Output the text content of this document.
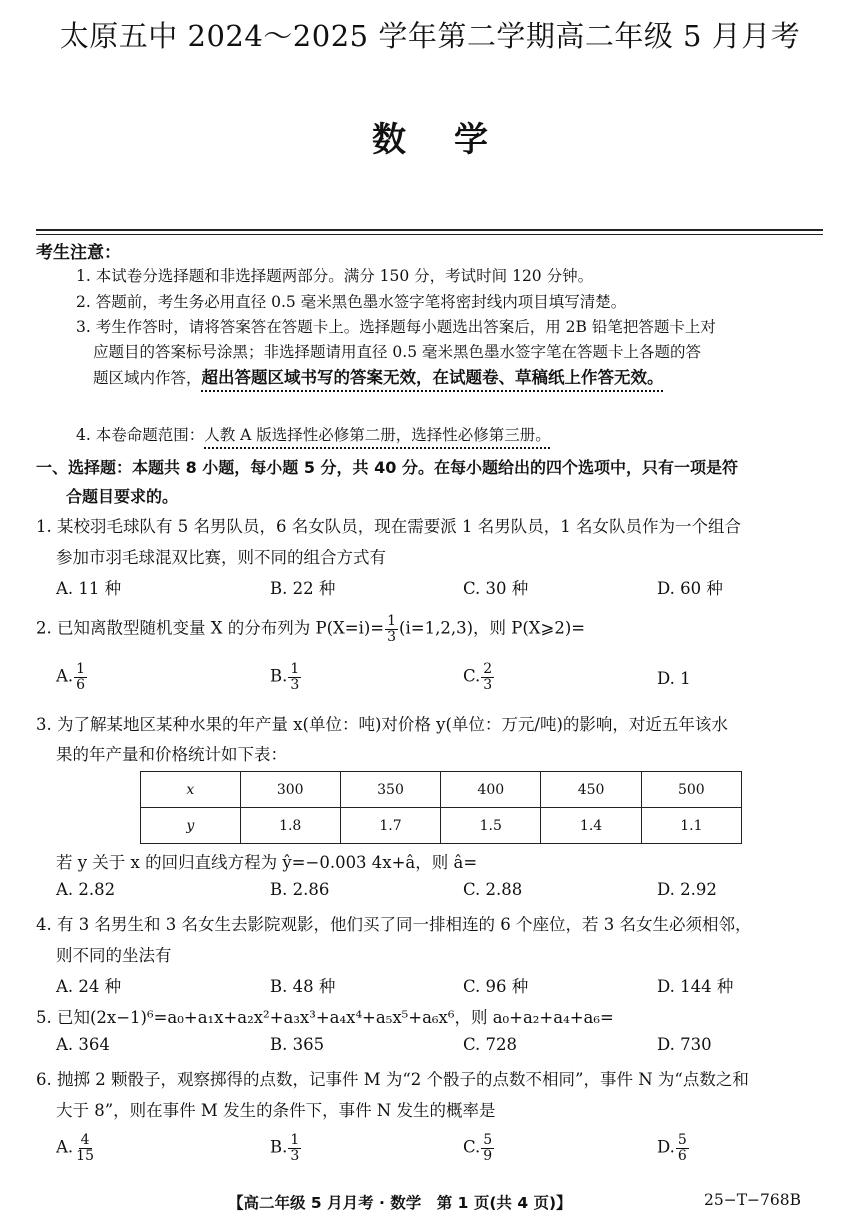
太原五中 2024～2025 学年第二学期高二年级 5 月月考
数学
考生注意：
1. 本试卷分选择题和非选择题两部分。满分 150 分，考试时间 120 分钟。
2. 答题前，考生务必用直径 0.5 毫米黑色墨水签字笔将密封线内项目填写清楚。
3. 考生作答时，请将答案答在答题卡上。选择题每小题选出答案后，用 2B 铅笔把答题卡上对
应题目的答案标号涂黑；非选择题请用直径 0.5 毫米黑色墨水签字笔在答题卡上各题的答
题区域内作答，超出答题区域书写的答案无效，在试题卷、草稿纸上作答无效。
4. 本卷命题范围：人教 A 版选择性必修第二册，选择性必修第三册。
一、选择题：本题共 8 小题，每小题 5 分，共 40 分。在每小题给出的四个选项中，只有一项是符
合题目要求的。
1. 某校羽毛球队有 5 名男队员，6 名女队员，现在需要派 1 名男队员，1 名女队员作为一个组合
参加市羽毛球混双比赛，则不同的组合方式有
A. 11 种	B. 22 种	C. 30 种	D. 60 种
2. 已知离散型随机变量 X 的分布列为 $P(X=i)= \frac{1}{3} (i=1,2,3)$，则 P(X⩾2)=
A. $\frac{1}{6}$	B. $\frac{1}{3}$	C. $\frac{2}{3}$	D. 1
3. 为了解某地区某种水果的年产量 x(单位：吨)对价格 y(单位：万元/吨)的影响，对近五年该水
果的年产量和价格统计如下表：
x	300	350	400	450	500
y	1.8	1.7	1.5	1.4	1.1
若 y 关于 x 的回归直线方程为 ŷ=−0.003 4x+â，则 â=
A. 2.82	B. 2.86	C. 2.88	D. 2.92
4. 有 3 名男生和 3 名女生去影院观影，他们买了同一排相连的 6 个座位，若 3 名女生必须相邻，
则不同的坐法有
A. 24 种	B. 48 种	C. 96 种	D. 144 种
5. 已知(2x−1)⁶=a₀+a₁x+a₂x²+a₃x³+a₄x⁴+a₅x⁵+a₆x⁶，则 a₀+a₂+a₄+a₆=
A. 364	B. 365	C. 728	D. 730
6. 抛掷 2 颗骰子，观察掷得的点数，记事件 M 为“2 个骰子的点数不相同”，事件 N 为“点数之和
大于 8”，则在事件 M 发生的条件下，事件 N 发生的概率是
A. $\frac{4}{15}$	B. $\frac{1}{3}$	C. $\frac{5}{9}$	D. $\frac{5}{6}$
【高二年级 5 月月考 · 数学　第 1 页(共 4 页)】	25−T−768B
